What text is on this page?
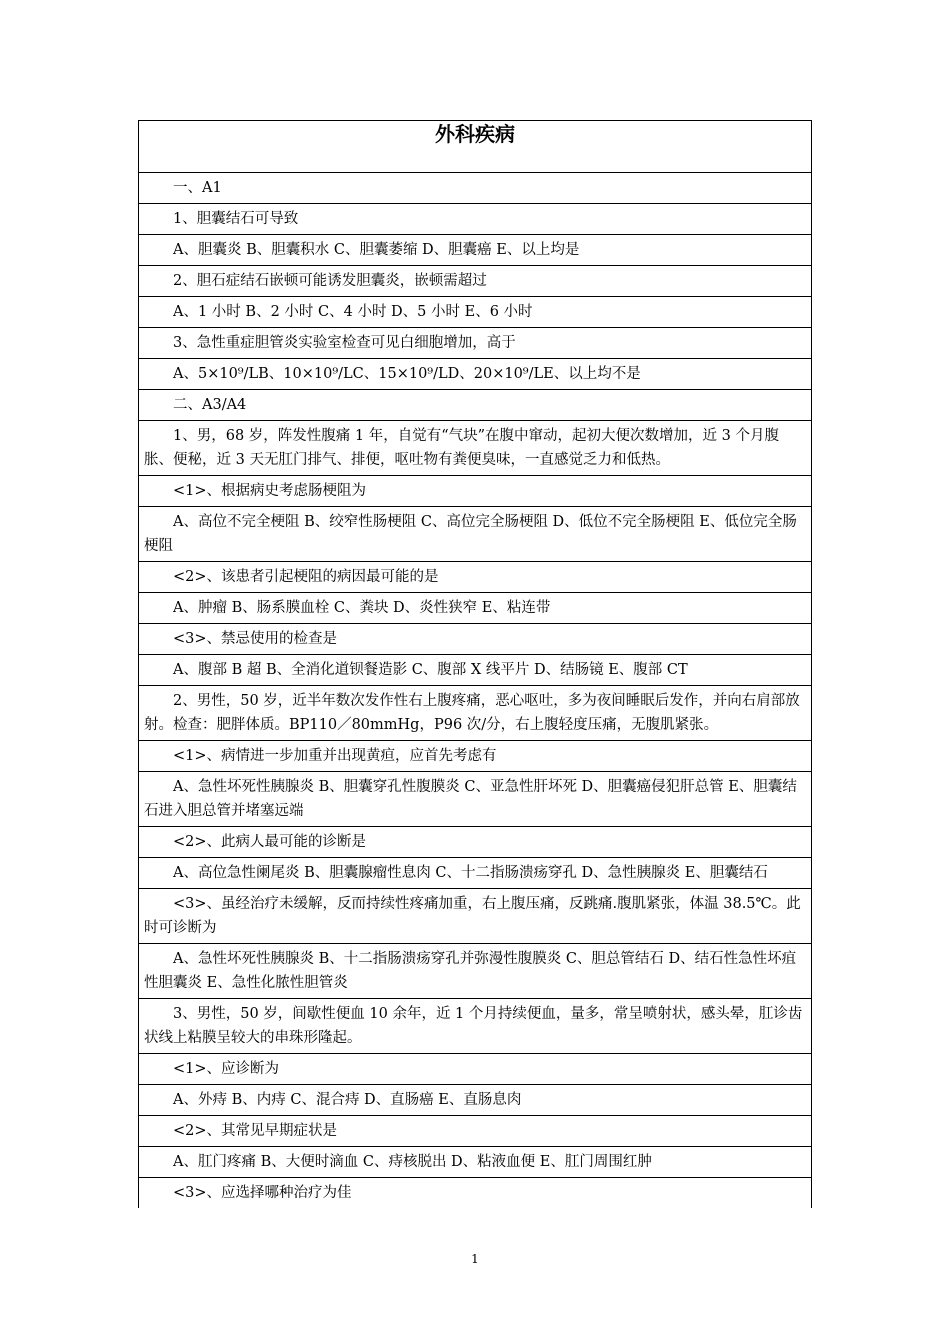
外科疾病
一、A1
1、胆囊结石可导致
A、胆囊炎 B、胆囊积水 C、胆囊萎缩 D、胆囊癌 E、以上均是
2、胆石症结石嵌顿可能诱发胆囊炎，嵌顿需超过
A、1 小时 B、2 小时 C、4 小时 D、5 小时 E、6 小时
3、急性重症胆管炎实验室检查可见白细胞增加，高于
A、5×10⁹/LB、10×10⁹/LC、15×10⁹/LD、20×10⁹/LE、以上均不是
二、A3/A4
1、男，68 岁，阵发性腹痛 1 年，自觉有“气块”在腹中窜动，起初大便次数增加，近 3 个月腹胀、便秘，近 3 天无肛门排气、排便，呕吐物有粪便臭味，一直感觉乏力和低热。
<1>、根据病史考虑肠梗阻为
A、高位不完全梗阻 B、绞窄性肠梗阻 C、高位完全肠梗阻 D、低位不完全肠梗阻 E、低位完全肠梗阻
<2>、该患者引起梗阻的病因最可能的是
A、肿瘤 B、肠系膜血栓 C、粪块 D、炎性狭窄 E、粘连带
<3>、禁忌使用的检查是
A、腹部 B 超 B、全消化道钡餐造影 C、腹部 X 线平片 D、结肠镜 E、腹部 CT
2、男性，50 岁，近半年数次发作性右上腹疼痛，恶心呕吐，多为夜间睡眠后发作，并向右肩部放射。检查：肥胖体质。BP110／80mmHg，P96 次/分，右上腹轻度压痛，无腹肌紧张。
<1>、病情进一步加重并出现黄疸，应首先考虑有
A、急性坏死性胰腺炎 B、胆囊穿孔性腹膜炎 C、亚急性肝坏死 D、胆囊癌侵犯肝总管 E、胆囊结石进入胆总管并堵塞远端
<2>、此病人最可能的诊断是
A、高位急性阑尾炎 B、胆囊腺瘤性息肉 C、十二指肠溃疡穿孔 D、急性胰腺炎 E、胆囊结石
<3>、虽经治疗未缓解，反而持续性疼痛加重，右上腹压痛，反跳痛.腹肌紧张，体温 38.5℃。此时可诊断为
A、急性坏死性胰腺炎 B、十二指肠溃疡穿孔并弥漫性腹膜炎 C、胆总管结石 D、结石性急性坏疽性胆囊炎 E、急性化脓性胆管炎
3、男性，50 岁，间歇性便血 10 余年，近 1 个月持续便血，量多，常呈喷射状，感头晕，肛诊齿状线上粘膜呈较大的串珠形隆起。
<1>、应诊断为
A、外痔 B、内痔 C、混合痔 D、直肠癌 E、直肠息肉
<2>、其常见早期症状是
A、肛门疼痛 B、大便时滴血 C、痔核脱出 D、粘液血便 E、肛门周围红肿
<3>、应选择哪种治疗为佳
1
